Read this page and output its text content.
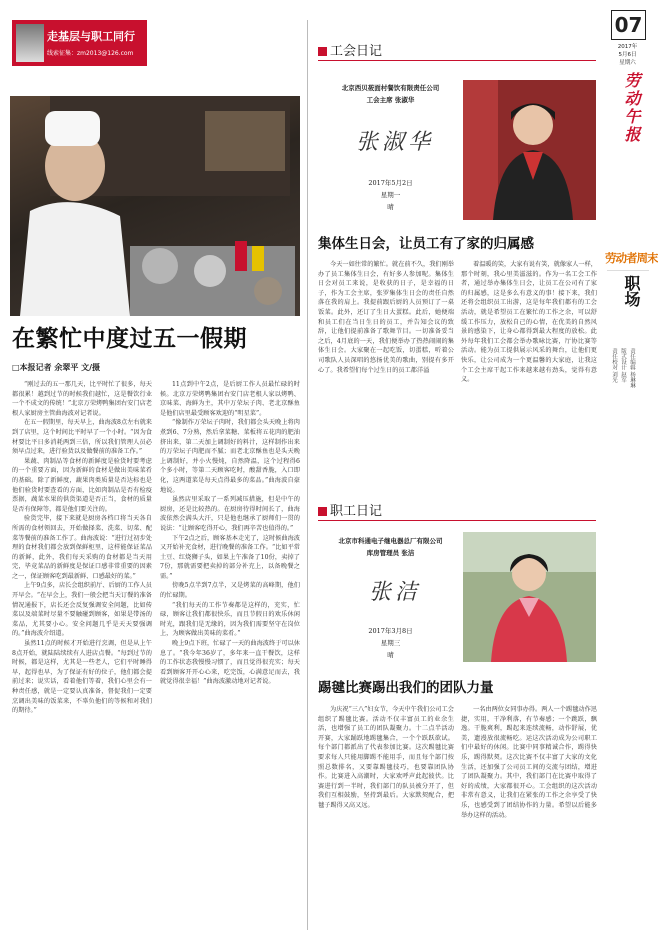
走基层与职工同行
线索征集：zm2013@126.com
在繁忙中度过五一假期
□本报记者 余翠平 文/摄

“刚过去的五一那几天，比平时忙了很多，每天都很累！越到过节的时候我们越忙，这是餐饮行业一个不成文的传统！”北京万荣烤鸭集团右安门店老根人家厨房主管曲海波对记者说。

在五一假期里，每天早上，曲海波8点左右就来到了店里，这个时间比平时早了一个小时。“因为食材要比平日多消耗两到三倍，所以我们管理人员必须早点过来，进行验货以及做餐前的准备工作。”

果蔬、肉制品等食材的新鲜度是验货时要考虑的一个重要方面，因为新鲜的食材是做出美味菜肴的基础。除了新鲜度，蔬果肉类质量是否达标也是他们验货时要查看的方面，比如肉制品是否有检疫票据，蔬菜水果的供货渠道是否正当，食材的质量是否有保障等，都是他们要关注的。

验货完毕，接下来就是厨房各档口将当天各自所需的食材领回去，开始做择菜、洗菜、切菜、配菜等餐前的准备工作了。曲海波说：“进行过初步处理的食材我们都会放到保鲜柜里，这样能保证菜品的新鲜，此外，我们每天采购的食材都是当天用完，毕竟菜品的新鲜度是保证口感非常重要的因素之一，保证顾客吃到最新鲜、口感最好的菜。”

上午9点多，店长会组织前厅、后厨的工作人员开早会。“在早会上，我们一般会把当天订餐的准备情况通报下，店长还会反复强调安全问题，比如传菜以及端菜时尽量不要触碰到顾客，如果是带汤的菜品，尤其要小心。安全问题几乎是天天要强调的。”曲海波介绍道。

虽然11点的时候才开始进行烹调，但是从上午8点开始，就陆陆续续有人进店点餐。“每到过节的时候，都是这样，尤其是一些老人，它们平时睡得早，起得也早，为了保证有好的位子，他们都会提前过来；说实话，看着他们等着，我们心里会有一种责任感，就是一定要认真准备，督促我们一定要烹调出美味的饭菜来，不辜负他们的等候和对我们的期待。”

11点到中午2点，是后厨工作人员最忙碌的时候。北京万荣烤鸭集团右安门店老根人家以烤鸭、京味菜、海鲜为主，其中万荣坛子肉、老北京酥鱼是他们店里最受顾客欢迎的“明星菜”。

“像制作万荣坛子肉时，我们都会头天晚上将肉煮到6、7分熟，然后拿菜糖、菜板将五花肉的肥油挤出来，第二天加上调制好的料汁，这样制作出来的万荣坛子肉肥而不腻；而老北京酥鱼也是头天晚上调制好，并小火慢炖，自然降温，这个过程得6个多小时，等第二天顾客吃时，酸甜香脆，入口即化，这两道菜是每天点得最多的菜品。”曲海波自豪地说。

虽然店里采取了一系列减压措施，但是中午的厨房，还是比较热的。在厨房待得时间长了，曲海波依然会满头大汗，只是他也继承了厨师们一贯的说法：“让顾客吃得开心，我们再辛苦也值得的。”

下午2点之后，顾客基本走光了，这时候曲海波又开始补充食材，进行晚餐的准备工作。“比如平常土豆、红烧狮子头，如果上午准备了10份，卖掉了7份，那就需要把卖掉的部分补充上，以备晚餐之需。”

傍晚5点半到7点半，又是烤菜的高峰期，他们的忙碌期。

“我们每天的工作节奏都是这样的，充实，忙碌，顾客让我们都很快乐，而且节假日的欢乐休闲时光，跟我们是无缘的，因为我们需要坚守在岗位上，为顾客做出美味的菜肴。”

晚上9点下班，忙碌了一天的曲海波终于可以休息了。“我今年36岁了，多年来一直干餐饮，这样的工作状态我慢慢习惯了，而且觉得很充实；每天看到顾客开开心心来，吃完饭，心满意足而去，我就觉得很幸福！”曲海波激动地对记者说。

工会日记
北京西贝莜面村餐饮有限责任公司
工会主席 张淑华
张淑华
2017年5月2日
星期一
晴
集体生日会，让员工有了家的归属感

今天一如往常的繁忙。就在前不久，我们刚举办了员工集体生日会，有好多人参加呢。集体生日会对员工来说，是收获的日子，是幸福的日子，作为工会主席，张罗集体生日会的责任自然落在我的肩上。我提前跟后厨的人员预订了一桌饭菜。此外，还订了生日大蛋糕。此后，她便端和员工们在当日生日的员工，并告知会议的致辞，让他们提前准备了歌舞节目。一切准备妥当之后，4月底的一天，我们便举办了热热闹闹的集体生日会。大家聚在一起吃饭，切蛋糕，听着公司歌队人员深唱的悠扬优美的歌曲，别提有多开心了。我希望们每个过生日的员工都洋溢

着温暖的笑，大家有说有笑，就像家人一样，那个时刻，我心里美滋滋的。作为一名工会工作者，通过举办集体生日会，让员工在公司有了家的归属感，这是多么有意义的事！接下来，我们还将会组织员工出游，这是每年我们都有的工会活动，就是希望员工在繁忙的工作之余，可以舒缓工作压力，放松自己的心情，在优美的自然风景的感染下，让身心都得到最大程度的放松。此外每年我们工会都会举办歌咏比赛，厅协比赛等活动。能为员工提供展示风采的舞台，让他们更快乐，让公司成为一个更温馨的大家庭，让我这个工会主席干起工作来越来越有劲头，觉得有意义。

职工日记
北京市科通电子继电器总厂有限公司
库房管理员 张洁
张洁
2017年3月8日
星期三
晴
踢毽比赛踢出我们的团队力量

为庆祝“三八”妇女节，今天中午我们公司工会组织了踢毽比赛。活动不仅丰富员工的业余生活，也增强了员工的团队凝聚力。十二点半活动开赛，大家踊跃地踢毽集合，一个个跃跃欲试。每个部门都派出了代表参加比赛。这次踢毽比赛要求每人只能用脚踢不能用手，而且每个部门按照总数排名，又要靠踢毽技巧，也要靠团队协作。比赛进入高潮时，大家欢呼声此起彼伏。比赛进行到一半时，我们部门的队员被分开了，但我们互相鼓励，坚持到最后。大家默契配合，把毽子踢得又高又远。

一名由两位女同事办得。两人一个踢毽动作迅捷，实用，干净利落，有节奏感；一个跳跃，飘逸。干脆爽利，踢起来连续流畅，动作舒展，优美，遗漫放很流畅吃。运这次活动成为公司职工们中最好的休闲。比赛中同事精诚合作，踢得快乐，踢得默契。这次比赛不仅丰富了大家的文化生活，还加强了公司员工间的交流与团结，增进了团队凝聚力。其中，我们部门在比赛中取得了好的成绩，大家都很开心。工会组织的这次活动非常有意义，让我们在紧张的工作之余享受了快乐，也感受到了团结协作的力量。希望以后能多举办这样的活动。

07
2017年
5月6日
星期六
劳动午报
劳动者周末
职场
责任编辑 杨琳琳
版式设计 赵军
责任校对 刘光
